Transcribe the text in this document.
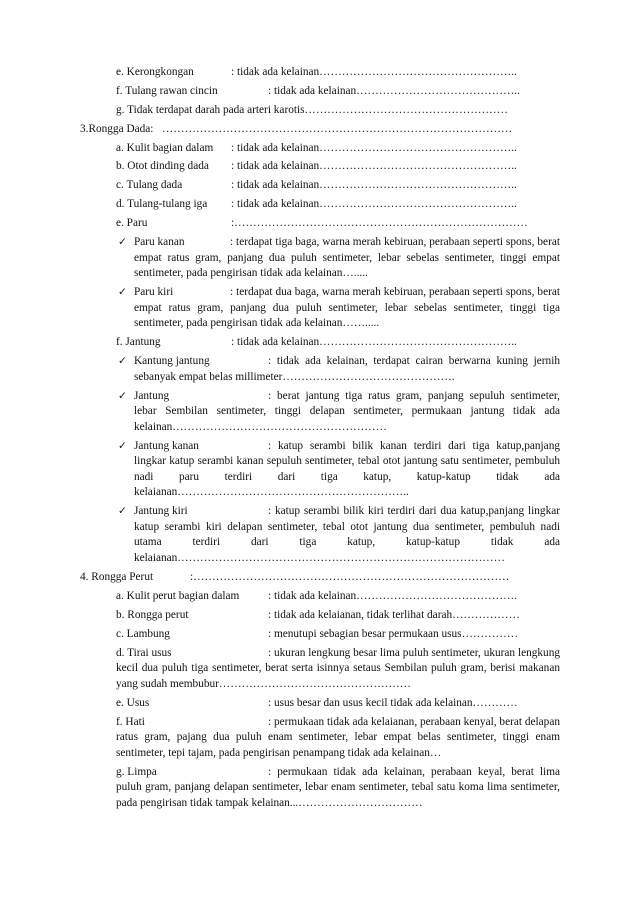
e. Kerongkongan	: tidak ada kelainan……………………………………………..
f. Tulang rawan cincin	: tidak ada kelainan……………………………………..
g. Tidak terdapat darah pada arteri karotis………………………………………………
3.Rongga Dada: …………………………………………………………………………………
a. Kulit bagian dalam : tidak ada kelainan……………………………………………..
b. Otot dinding dada : tidak ada kelainan……………………………………………..
c. Tulang dada	: tidak ada kelainan……………………………………………..
d. Tulang-tulang iga : tidak ada kelainan……………………………………………..
e. Paru	:……………………………………………………………………
✓ Paru kanan	: terdapat tiga baga, warna merah kebiruan, perabaan seperti spons, berat empat ratus gram, panjang dua puluh sentimeter, lebar sebelas sentimeter, tinggi empat sentimeter, pada pengirisan tidak ada kelainan….....
✓ Paru kiri	: terdapat dua baga, warna merah kebiruan, perabaan seperti spons, berat empat ratus gram, panjang dua puluh sentimeter, lebar sebelas sentimeter, tinggi tiga sentimeter, pada pengirisan tidak ada kelainan…….....
f. Jantung	: tidak ada kelainan……………………………………………..
✓ Kantung jantung	: tidak ada kelainan, terdapat cairan berwarna kuning jernih sebanyak empat belas millimeter……………………………………….
✓ Jantung	: berat jantung tiga ratus gram, panjang sepuluh sentimeter, lebar Sembilan sentimeter, tinggi delapan sentimeter, permukaan jantung tidak ada kelainan…………………………………………………
✓ Jantung kanan	: katup serambi bilik kanan terdiri dari tiga katup,panjang lingkar katup serambi kanan sepuluh sentimeter, tebal otot jantung satu sentimeter, pembuluh nadi paru terdiri dari tiga katup, katup-katup tidak ada kelaianan……………………………………………………..
✓ Jantung kiri	: katup serambi bilik kiri terdiri dari dua katup,panjang lingkar katup serambi kiri delapan sentimeter, tebal otot jantung dua sentimeter, pembuluh nadi utama terdiri dari tiga katup, katup-katup tidak ada kelaianan……………………………………………………………………………
4. Rongga Perut	:…………………………………………………………………………
a. Kulit perut bagian dalam	: tidak ada kelainan…………………………………….
b. Rongga perut	: tidak ada kelaianan, tidak terlihat darah………………
c. Lambung	: menutupi sebagian besar permukaan usus……………
d. Tirai usus	: ukuran lengkung besar lima puluh sentimeter, ukuran lengkung kecil dua puluh tiga sentimeter, berat serta isinnya setaus Sembilan puluh gram, berisi makanan yang sudah membubur……………………………………………
e. Usus	: usus besar dan usus kecil tidak ada kelainan…………
f. Hati	: permukaan tidak ada kelaianan, perabaan kenyal, berat delapan ratus gram, pajang dua puluh enam sentimeter, lebar empat belas sentimeter, tinggi enam sentimeter, tepi tajam, pada pengirisan penampang tidak ada kelainan…
g. Limpa	: permukaan tidak ada kelainan, perabaan keyal, berat lima puluh gram, panjang delapan sentimeter, lebar enam sentimeter, tebal satu koma lima sentimeter, pada pengirisan tidak tampak kelainan...……………………………
